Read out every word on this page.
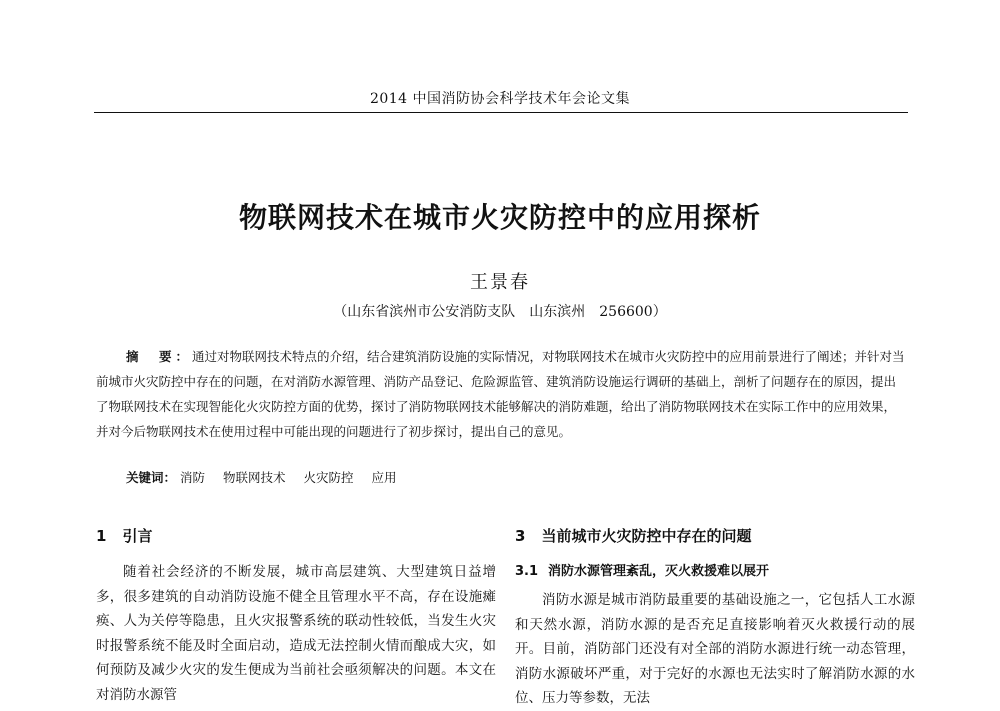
2014 中国消防协会科学技术年会论文集
物联网技术在城市火灾防控中的应用探析
王景春
（山东省滨州市公安消防支队　山东滨州　256600）

摘　要：通过对物联网技术特点的介绍，结合建筑消防设施的实际情况，对物联网技术在城市火灾防控中的应用前景进行了阐述；并针对当前城市火灾防控中存在的问题，在对消防水源管理、消防产品登记、危险源监管、建筑消防设施运行调研的基础上，剖析了问题存在的原因，提出了物联网技术在实现智能化火灾防控方面的优势，探讨了消防物联网技术能够解决的消防难题，给出了消防物联网技术在实际工作中的应用效果，并对今后物联网技术在使用过程中可能出现的问题进行了初步探讨，提出自己的意见。

关键词： 消防 物联网技术 火灾防控 应用
1 引言

随着社会经济的不断发展，城市高层建筑、大型建筑日益增多，很多建筑的自动消防设施不健全且管理水平不高，存在设施瘫痪、人为关停等隐患，且火灾报警系统的联动性较低，当发生火灾时报警系统不能及时全面启动，造成无法控制火情而酿成大灾，如何预防及减少火灾的发生便成为当前社会亟须解决的问题。本文在对消防水源管

3 当前城市火灾防控中存在的问题
3.1 消防水源管理紊乱，灭火救援难以展开

消防水源是城市消防最重要的基础设施之一，它包括人工水源和天然水源，消防水源的是否充足直接影响着灭火救援行动的展开。目前，消防部门还没有对全部的消防水源进行统一动态管理，消防水源破坏严重，对于完好的水源也无法实时了解消防水源的水位、压力等参数，无法
